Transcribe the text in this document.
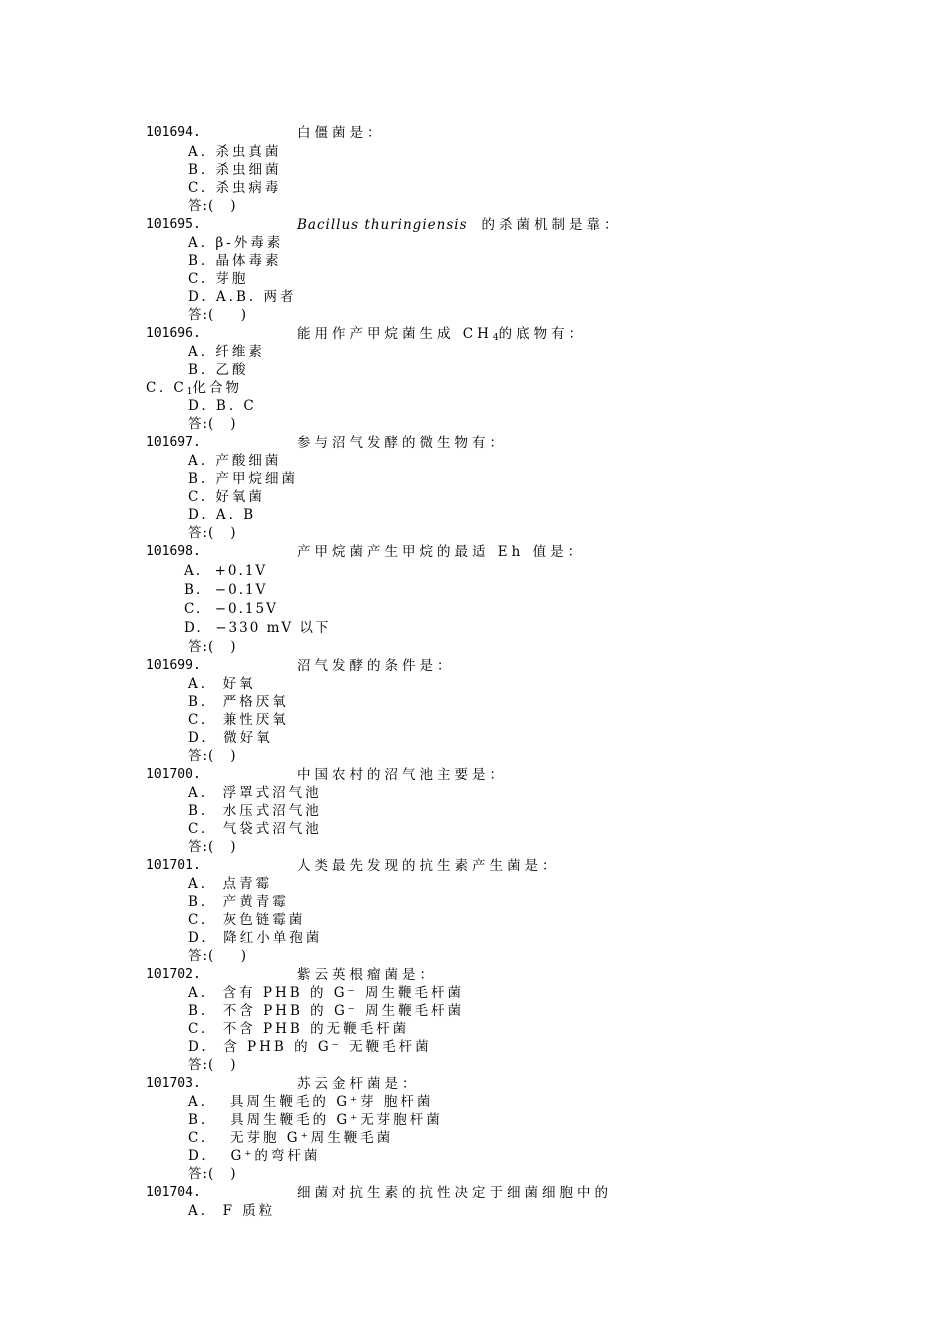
101694.	白僵菌是：
A. 杀虫真菌
B. 杀虫细菌
C. 杀虫病毒
答:(   )
101695.	Bacillus thuringiensis 的杀菌机制是靠：
A. β-外毒素
B. 晶体毒素
C. 芽胞
D. A.B. 两者
答:(     )
101696.	能用作产甲烷菌生成 $CH_4$的底物有：
A. 纤维素
B. 乙酸
C. $C_1$化合物
D. B. C
答:(   )
101697.	参与沼气发酵的微生物有：
A. 产酸细菌
B. 产甲烷细菌
C. 好氧菌
D. A. B
答:(   )
101698.	产甲烷菌产生甲烷的最适 Eh 值是：
A.  +0.1V
B.  −0.1V
C.  −0.15V
D.  −330 mV 以下
答:(   )
101699.	沼气发酵的条件是：
A.  好氧
B.  严格厌氧
C.  兼性厌氧
D.  微好氧
答:(   )
101700.	中国农村的沼气池主要是：
A.  浮罩式沼气池
B.  水压式沼气池
C.  气袋式沼气池
答:(   )
101701.	人类最先发现的抗生素产生菌是：
A.  点青霉
B.  产黄青霉
C.  灰色链霉菌
D.  降红小单孢菌
答:(     )
101702.	紫云英根瘤菌是：
A.  含有 PHB 的 G⁻ 周生鞭毛杆菌
B.  不含 PHB 的 G⁻ 周生鞭毛杆菌
C.  不含 PHB 的无鞭毛杆菌
D.  含 PHB 的 G⁻ 无鞭毛杆菌
答:(   )
101703.	苏云金杆菌是：
A.   具周生鞭毛的 G⁺芽 胞杆菌
B.   具周生鞭毛的 G⁺无芽胞杆菌
C.   无芽胞 G⁺周生鞭毛菌
D.   G⁺的弯杆菌
答:(   )
101704.	细菌对抗生素的抗性决定于细菌细胞中的
A.  F 质粒
